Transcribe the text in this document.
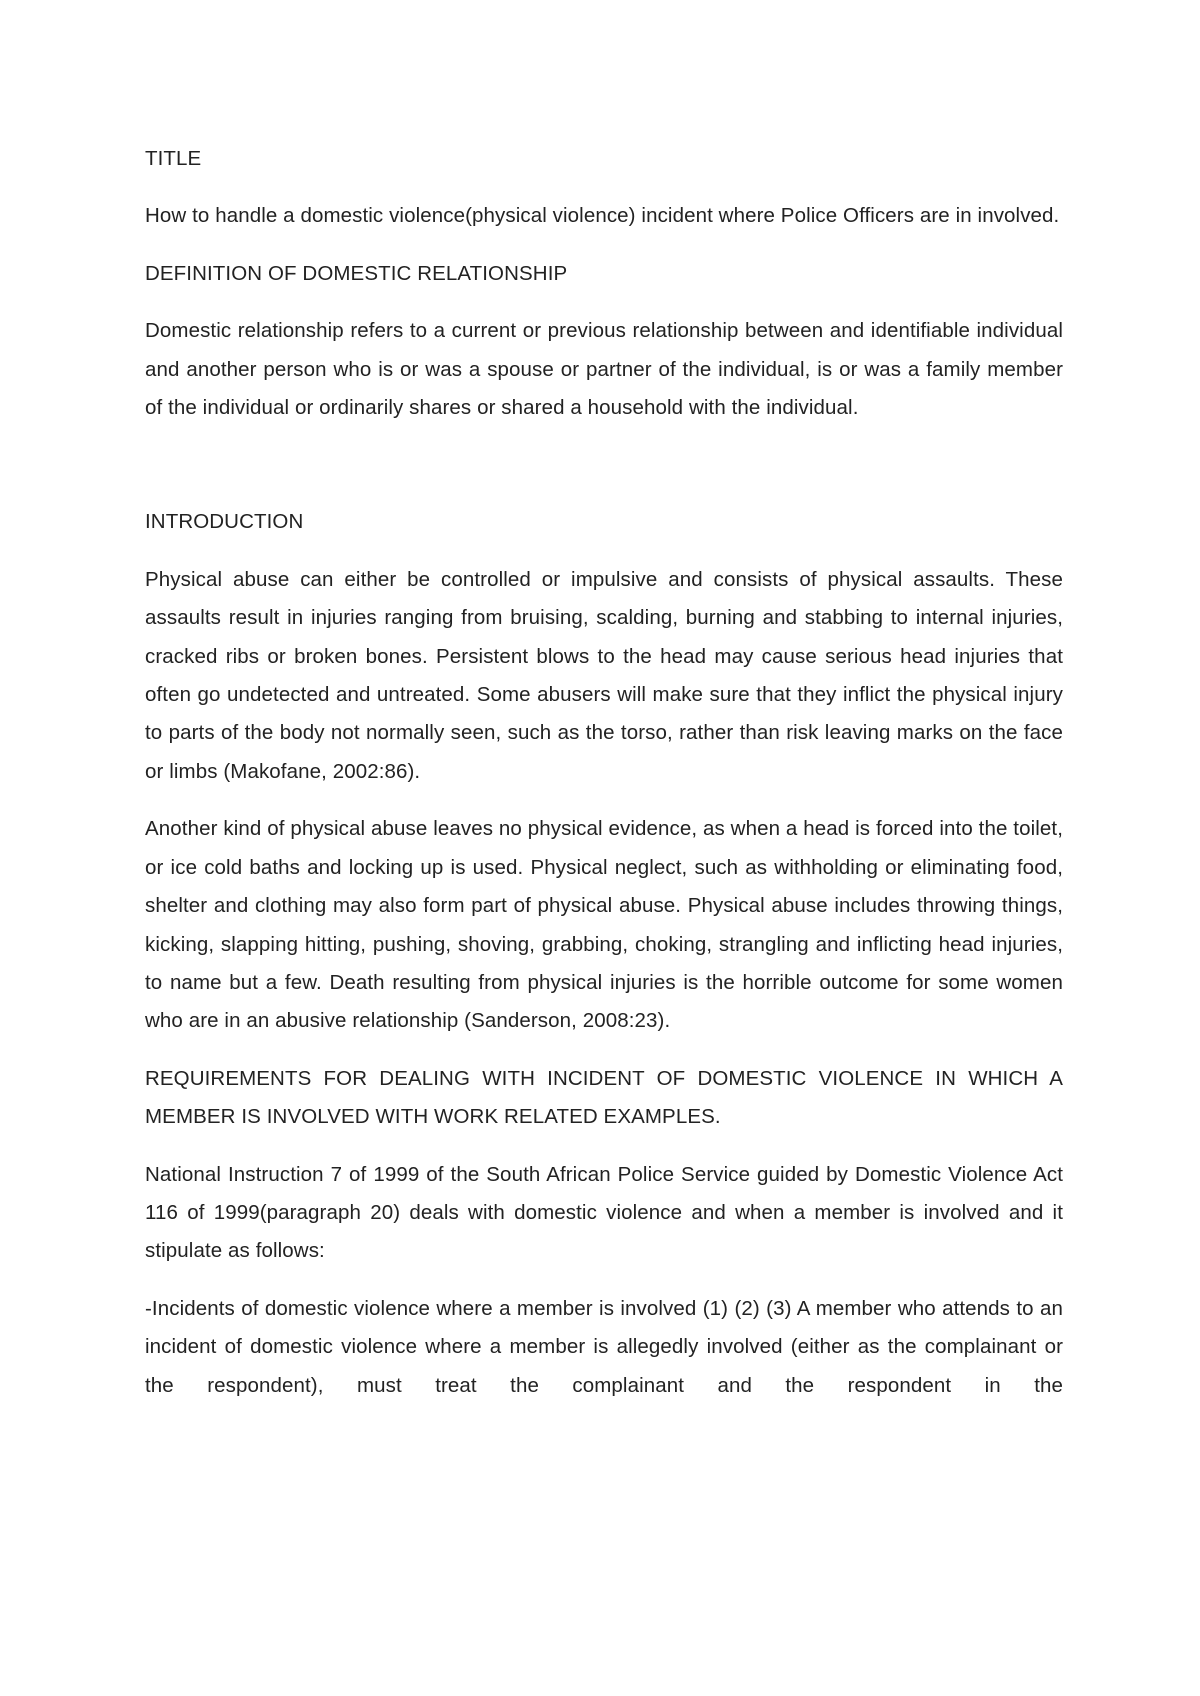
TITLE

How to handle a domestic violence(physical violence) incident where Police Officers are in involved.

DEFINITION OF DOMESTIC RELATIONSHIP

Domestic relationship refers to a current or previous relationship between and identifiable individual and another person who is or was a spouse or partner of the individual, is or was a family member of the individual or ordinarily shares or shared a household with the individual.

INTRODUCTION

Physical abuse can either be controlled or impulsive and consists of physical assaults. These assaults result in injuries ranging from bruising, scalding, burning and stabbing to internal injuries, cracked ribs or broken bones. Persistent blows to the head may cause serious head injuries that often go undetected and untreated. Some abusers will make sure that they inflict the physical injury to parts of the body not normally seen, such as the torso, rather than risk leaving marks on the face or limbs (Makofane, 2002:86).

Another kind of physical abuse leaves no physical evidence, as when a head is forced into the toilet, or ice cold baths and locking up is used. Physical neglect, such as withholding or eliminating food, shelter and clothing may also form part of physical abuse. Physical abuse includes throwing things, kicking, slapping hitting, pushing, shoving, grabbing, choking, strangling and inflicting head injuries, to name but a few. Death resulting from physical injuries is the horrible outcome for some women who are in an abusive relationship (Sanderson, 2008:23).

REQUIREMENTS FOR DEALING WITH INCIDENT OF DOMESTIC VIOLENCE IN WHICH A MEMBER IS INVOLVED WITH WORK RELATED EXAMPLES.

National Instruction 7 of 1999 of the South African Police Service guided by Domestic Violence Act 116 of 1999(paragraph 20) deals with domestic violence and when a member is involved and it stipulate as follows:

-Incidents of domestic violence where a member is involved (1) (2) (3) A member who attends to an incident of domestic violence where a member is allegedly involved (either as the complainant or the respondent), must treat the complainant and the respondent in the
